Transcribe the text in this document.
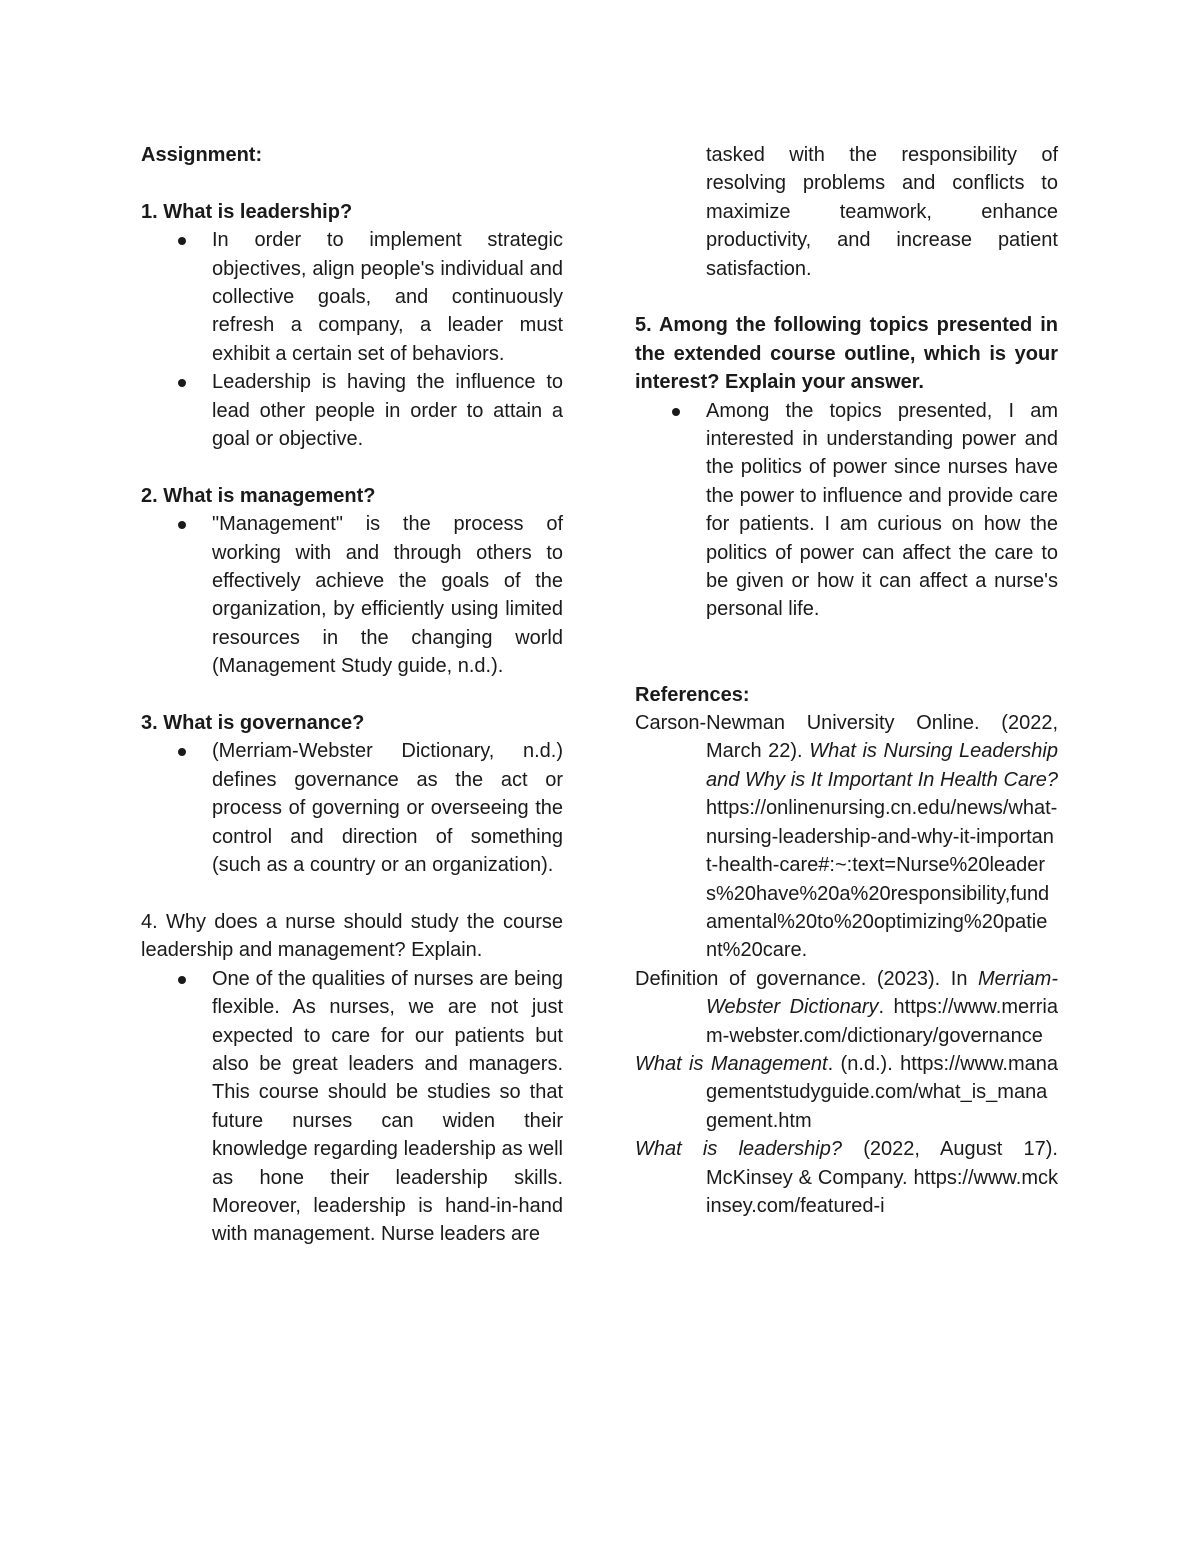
Assignment:
1. What is leadership?
In order to implement strategic objectives, align people's individual and collective goals, and continuously refresh a company, a leader must exhibit a certain set of behaviors.
Leadership is having the influence to lead other people in order to attain a goal or objective.
2. What is management?
"Management" is the process of working with and through others to effectively achieve the goals of the organization, by efficiently using limited resources in the changing world (Management Study guide, n.d.).
3. What is governance?
(Merriam-Webster Dictionary, n.d.) defines governance as the act or process of governing or overseeing the control and direction of something (such as a country or an organization).
4. Why does a nurse should study the course leadership and management? Explain.
One of the qualities of nurses are being flexible. As nurses, we are not just expected to care for our patients but also be great leaders and managers. This course should be studies so that future nurses can widen their knowledge regarding leadership as well as hone their leadership skills. Moreover, leadership is hand-in-hand with management. Nurse leaders are
tasked with the responsibility of resolving problems and conflicts to maximize teamwork, enhance productivity, and increase patient satisfaction.
5. Among the following topics presented in the extended course outline, which is your interest? Explain your answer.
Among the topics presented, I am interested in understanding power and the politics of power since nurses have the power to influence and provide care for patients. I am curious on how the politics of power can affect the care to be given or how it can affect a nurse's personal life.
References:
Carson-Newman University Online. (2022, March 22). What is Nursing Leadership and Why is It Important In Health Care? https://onlinenursing.cn.edu/news/what-nursing-leadership-and-why-it-important-health-care#:~:text=Nurse%20leaders%20have%20a%20responsibility,fundamental%20to%20optimizing%20patient%20care.
Definition of governance. (2023). In Merriam-Webster Dictionary. https://www.merriam-webster.com/dictionary/governance
What is Management. (n.d.). https://www.managementstudyguide.com/what_is_management.htm
What is leadership? (2022, August 17). McKinsey & Company. https://www.mckinsey.com/featured-i
